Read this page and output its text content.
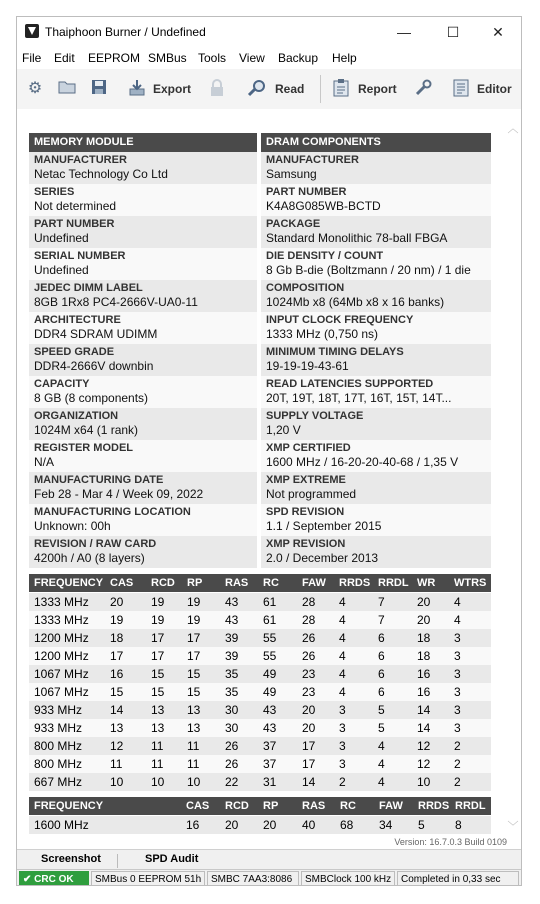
Thaiphoon Burner / Undefined	—	☐	✕
File Edit EEPROM SMBus Tools View Backup Help
⚙	Export	Read	Report	Editor
︿
﹀
MEMORY MODULE
MANUFACTURER
Netac Technology Co Ltd
SERIES
Not determined
PART NUMBER
Undefined
SERIAL NUMBER
Undefined
JEDEC DIMM LABEL
8GB 1Rx8 PC4-2666V-UA0-11
ARCHITECTURE
DDR4 SDRAM UDIMM
SPEED GRADE
DDR4-2666V downbin
CAPACITY
8 GB (8 components)
ORGANIZATION
1024M x64 (1 rank)
REGISTER MODEL
N/A
MANUFACTURING DATE
Feb 28 - Mar 4 / Week 09, 2022
MANUFACTURING LOCATION
Unknown: 00h
REVISION / RAW CARD
4200h / A0 (8 layers)
DRAM COMPONENTS
MANUFACTURER
Samsung
PART NUMBER
K4A8G085WB-BCTD
PACKAGE
Standard Monolithic 78-ball FBGA
DIE DENSITY / COUNT
8 Gb B-die (Boltzmann / 20 nm) / 1 die
COMPOSITION
1024Mb x8 (64Mb x8 x 16 banks)
INPUT CLOCK FREQUENCY
1333 MHz (0,750 ns)
MINIMUM TIMING DELAYS
19-19-19-43-61
READ LATENCIES SUPPORTED
20T, 19T, 18T, 17T, 16T, 15T, 14T...
SUPPLY VOLTAGE
1,20 V
XMP CERTIFIED
1600 MHz / 16-20-20-40-68 / 1,35 V
XMP EXTREME
Not programmed
SPD REVISION
1.1 / September 2015
XMP REVISION
2.0 / December 2013
FREQUENCY CAS RCD RP RAS RC FAW RRDS RRDL WR WTRS
1333 MHz 20 19 19 43 61 28 4	7	20 4
1333 MHz 19 19 19 43 61 28 4	7	20 4
1200 MHz 18 17 17 39 55 26 4	6	18 3
1200 MHz 17 17 17 39 55 26 4	6	18 3
1067 MHz 16 15 15 35 49 23 4	6	16 3
1067 MHz 15 15 15 35 49 23 4	6	16 3
933 MHz 14 13 13 30 43 20 3	5	14 3
933 MHz 13 13 13 30 43 20 3	5	14 3
800 MHz 12 11 11 26 37 17 3	4	12 2
800 MHz 11 11 11 26 37 17 3	4	12 2
667 MHz 10 10 10 22 31 14 2	4	10 2
FREQUENCY	CAS RCD RP RAS RC FAW RRDS RRDL
1600 MHz	16 20 20 40 68 34 5	8
Version: 16.7.0.3 Build 0109
Screenshot	SPD Audit
✔ CRC OK	SMBus 0 EEPROM 51h SMBC 7AA3:8086	SMBClock 100 kHz Completed in 0,33 sec
